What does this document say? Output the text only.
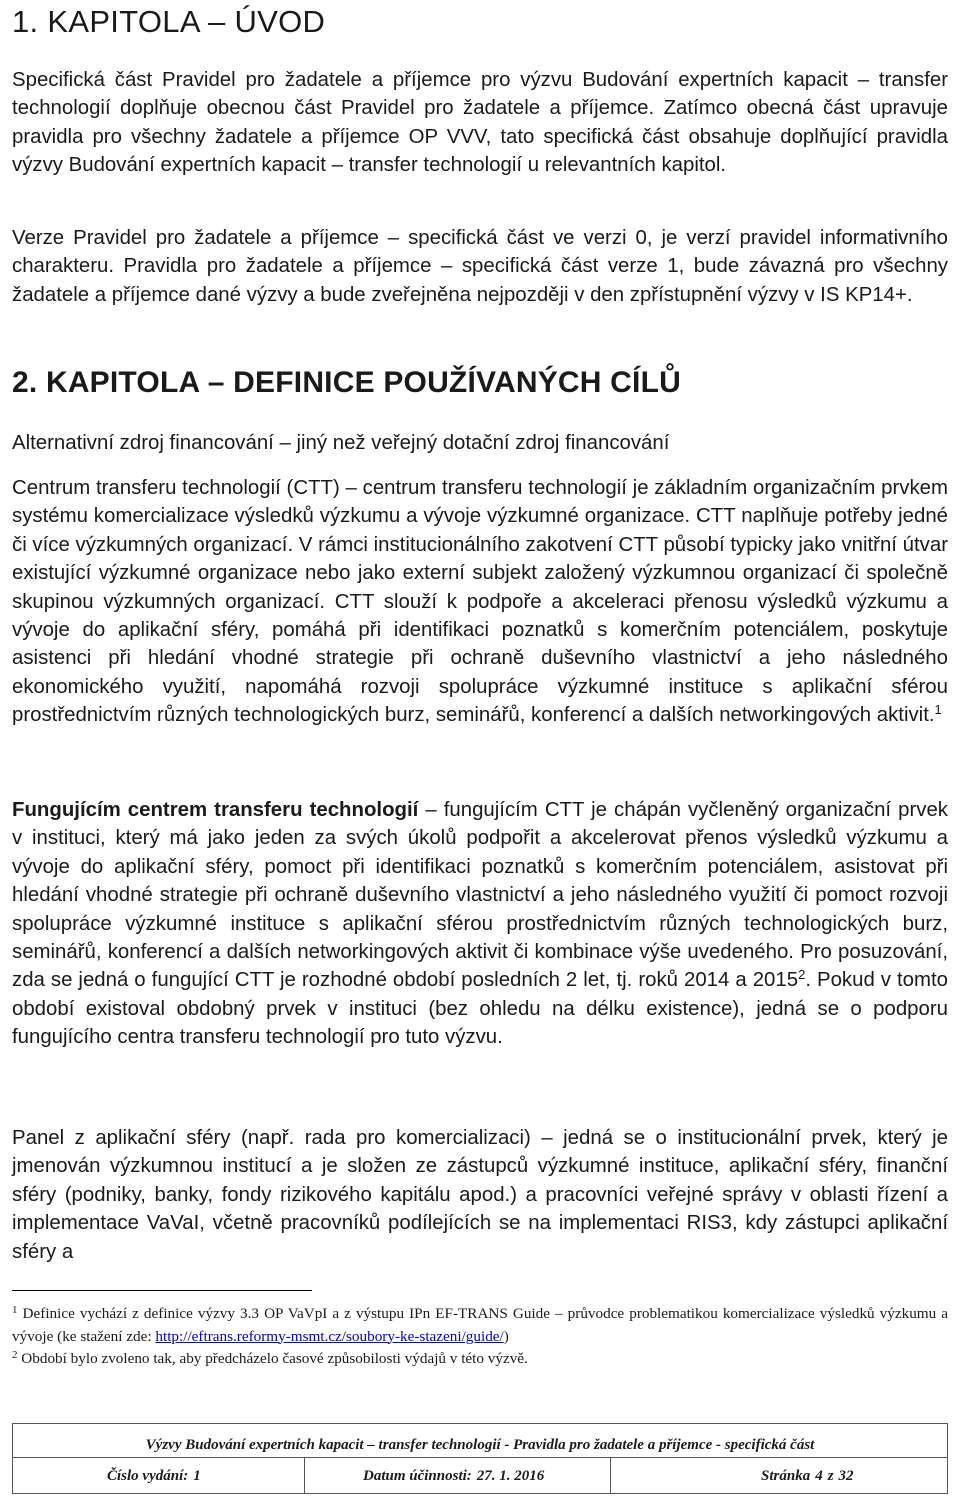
1. KAPITOLA – ÚVOD

Specifická část Pravidel pro žadatele a příjemce pro výzvu Budování expertních kapacit – transfer technologií doplňuje obecnou část Pravidel pro žadatele a příjemce. Zatímco obecná část upravuje pravidla pro všechny žadatele a příjemce OP VVV, tato specifická část obsahuje doplňující pravidla výzvy Budování expertních kapacit – transfer technologií u relevantních kapitol.

Verze Pravidel pro žadatele a příjemce – specifická část ve verzi 0, je verzí pravidel informativního charakteru. Pravidla pro žadatele a příjemce – specifická část verze 1, bude závazná pro všechny žadatele a příjemce dané výzvy a bude zveřejněna nejpozději v den zpřístupnění výzvy v IS KP14+.

2. KAPITOLA – DEFINICE POUŽÍVANÝCH CÍLŮ

Alternativní zdroj financování – jiný než veřejný dotační zdroj financování

Centrum transferu technologií (CTT) – centrum transferu technologií je základním organizačním prvkem systému komercializace výsledků výzkumu a vývoje výzkumné organizace. CTT naplňuje potřeby jedné či více výzkumných organizací. V rámci institucionálního zakotvení CTT působí typicky jako vnitřní útvar existující výzkumné organizace nebo jako externí subjekt založený výzkumnou organizací či společně skupinou výzkumných organizací. CTT slouží k podpoře a akceleraci přenosu výsledků výzkumu a vývoje do aplikační sféry, pomáhá při identifikaci poznatků s komerčním potenciálem, poskytuje asistenci při hledání vhodné strategie při ochraně duševního vlastnictví a jeho následného ekonomického využití, napomáhá rozvoji spolupráce výzkumné instituce s aplikační sférou prostřednictvím různých technologických burz, seminářů, konferencí a dalších networkingových aktivit.$^1$

Fungujícím centrem transferu technologií – fungujícím CTT je chápán vyčleněný organizační prvek v instituci, který má jako jeden za svých úkolů podpořit a akcelerovat přenos výsledků výzkumu a vývoje do aplikační sféry, pomoct při identifikaci poznatků s komerčním potenciálem, asistovat při hledání vhodné strategie při ochraně duševního vlastnictví a jeho následného využití či pomoct rozvoji spolupráce výzkumné instituce s aplikační sférou prostřednictvím různých technologických burz, seminářů, konferencí a dalších networkingových aktivit či kombinace výše uvedeného. Pro posuzování, zda se jedná o fungující CTT je rozhodné období posledních 2 let, tj. roků 2014 a 2015$^2$. Pokud v tomto období existoval obdobný prvek v instituci (bez ohledu na délku existence), jedná se o podporu fungujícího centra transferu technologií pro tuto výzvu.

Panel z aplikační sféry (např. rada pro komercializaci) – jedná se o institucionální prvek, který je jmenován výzkumnou institucí a je složen ze zástupců výzkumné instituce, aplikační sféry, finanční sféry (podniky, banky, fondy rizikového kapitálu apod.) a pracovníci veřejné správy v oblasti řízení a implementace VaVaI, včetně pracovníků podílejících se na implementaci RIS3, kdy zástupci aplikační sféry a

$^1$ Definice vychází z definice výzvy 3.3 OP VaVpI a z výstupu IPn EF-TRANS Guide – průvodce problematikou komercializace výsledků výzkumu a vývoje (ke stažení zde: http://eftrans.reformy-msmt.cz/soubory-ke-stazeni/guide/)

$^2$ Období bylo zvoleno tak, aby předcházelo časové způsobilosti výdajů v této výzvě.

Výzvy Budování expertních kapacit – transfer technologií - Pravidla pro žadatele a příjemce - specifická část
Číslo vydání: 1	Datum účinnosti: 27. 1. 2016	Stránka 4 z 32
